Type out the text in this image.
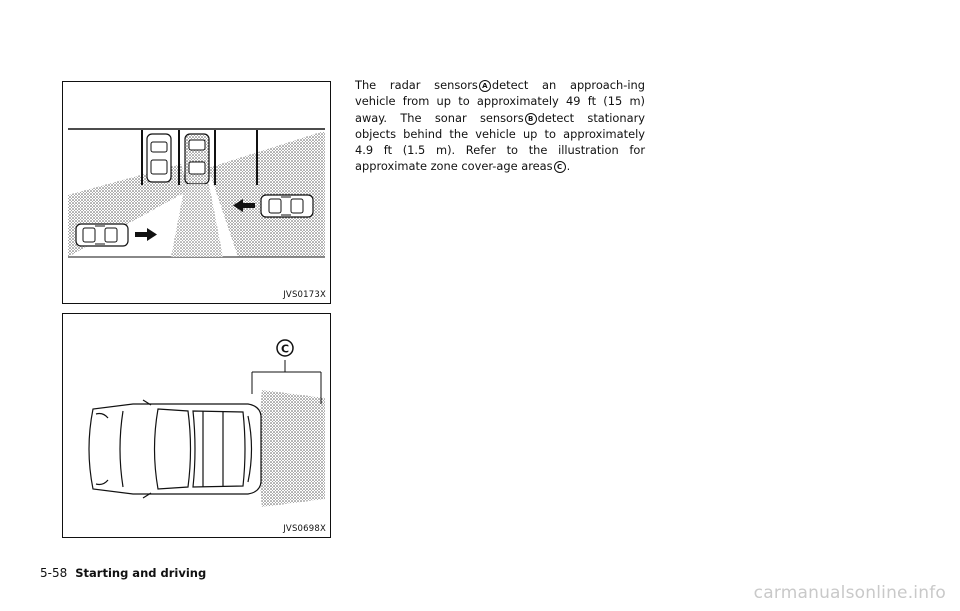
JVS0173X
C
JVS0698X

The radar sensors A detect an approach-ing vehicle from up to approximately 49 ft (15 m) away. The sonar sensors B detect stationary objects behind the vehicle up to approximately 4.9 ft (1.5 m). Refer to the illustration for approximate zone cover-age areas C .

5-58 Starting and driving
carmanualsonline.info
